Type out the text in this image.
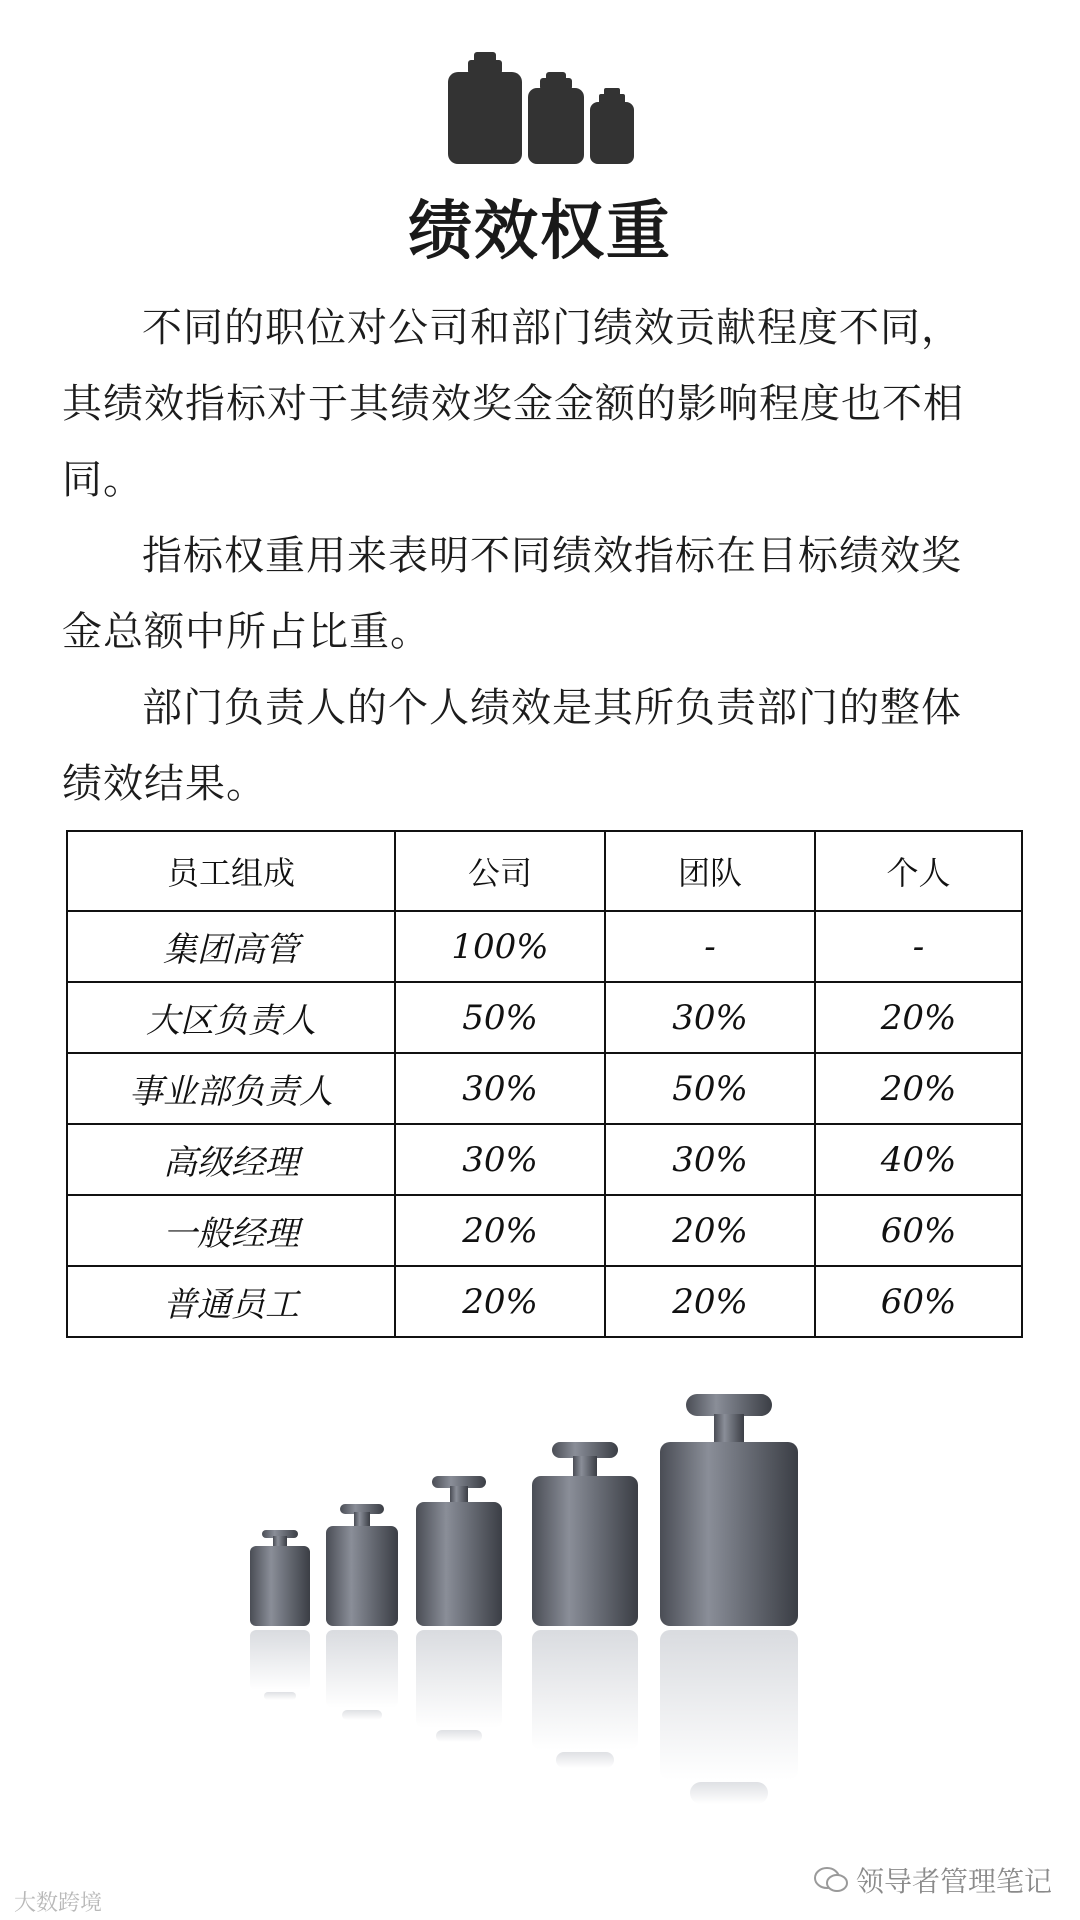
绩效权重

不同的职位对公司和部门绩效贡献程度不同，其绩效指标对于其绩效奖金金额的影响程度也不相同。

指标权重用来表明不同绩效指标在目标绩效奖金总额中所占比重。

部门负责人的个人绩效是其所负责部门的整体绩效结果。

员工组成	公司	团队	个人
集团高管	100%	-	-
大区负责人	50%	30%	20%
事业部负责人	30%	50%	20%
高级经理	30%	30%	40%
一般经理	20%	20%	60%
普通员工	20%	20%	60%
大数跨境
领导者管理笔记
